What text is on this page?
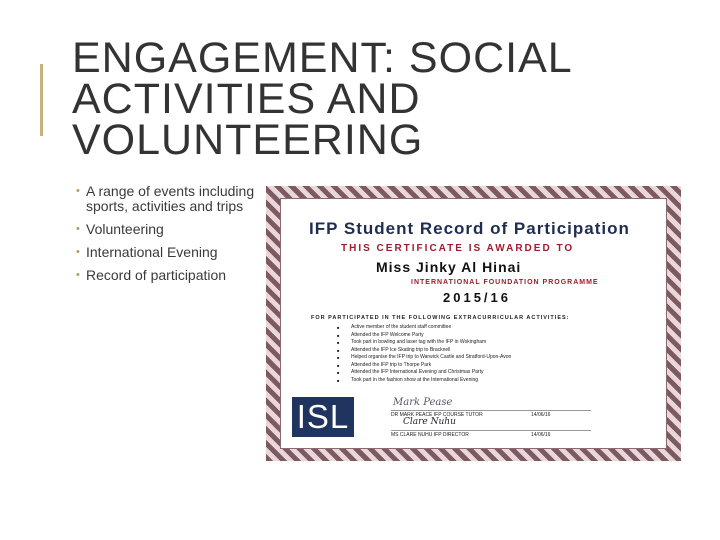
ENGAGEMENT: SOCIAL
ACTIVITIES AND
VOLUNTEERING
• A range of events including sports, activities and trips
• Volunteering
• International Evening
• Record of participation
IFP Student Record of Participation
THIS CERTIFICATE IS AWARDED TO
Miss Jinky Al Hinai
INTERNATIONAL FOUNDATION PROGRAMME
2015/16
FOR PARTICIPATED IN THE FOLLOWING EXTRACURRICULAR ACTIVITIES:
■ Active member of the student staff committee
■ Attended the IFP Welcome Party
■ Took part in bowling and laser tag with the IFP in Wokingham
■ Attended the IFP Ice Skating trip to Bracknell
■ Helped organise the IFP trip to Warwick Castle and Stratford-Upon-Avon
■ Attended the IFP trip to Thorpe Park
■ Attended the IFP International Evening and Christmas Party
■ Took part in the fashion show at the International Evening
Mark Pease
DR MARK PEACE IFP COURSE TUTOR	14/06/16
Clare Nuhu
MS CLARE NUHU IFP DIRECTOR	14/06/16
ISL
